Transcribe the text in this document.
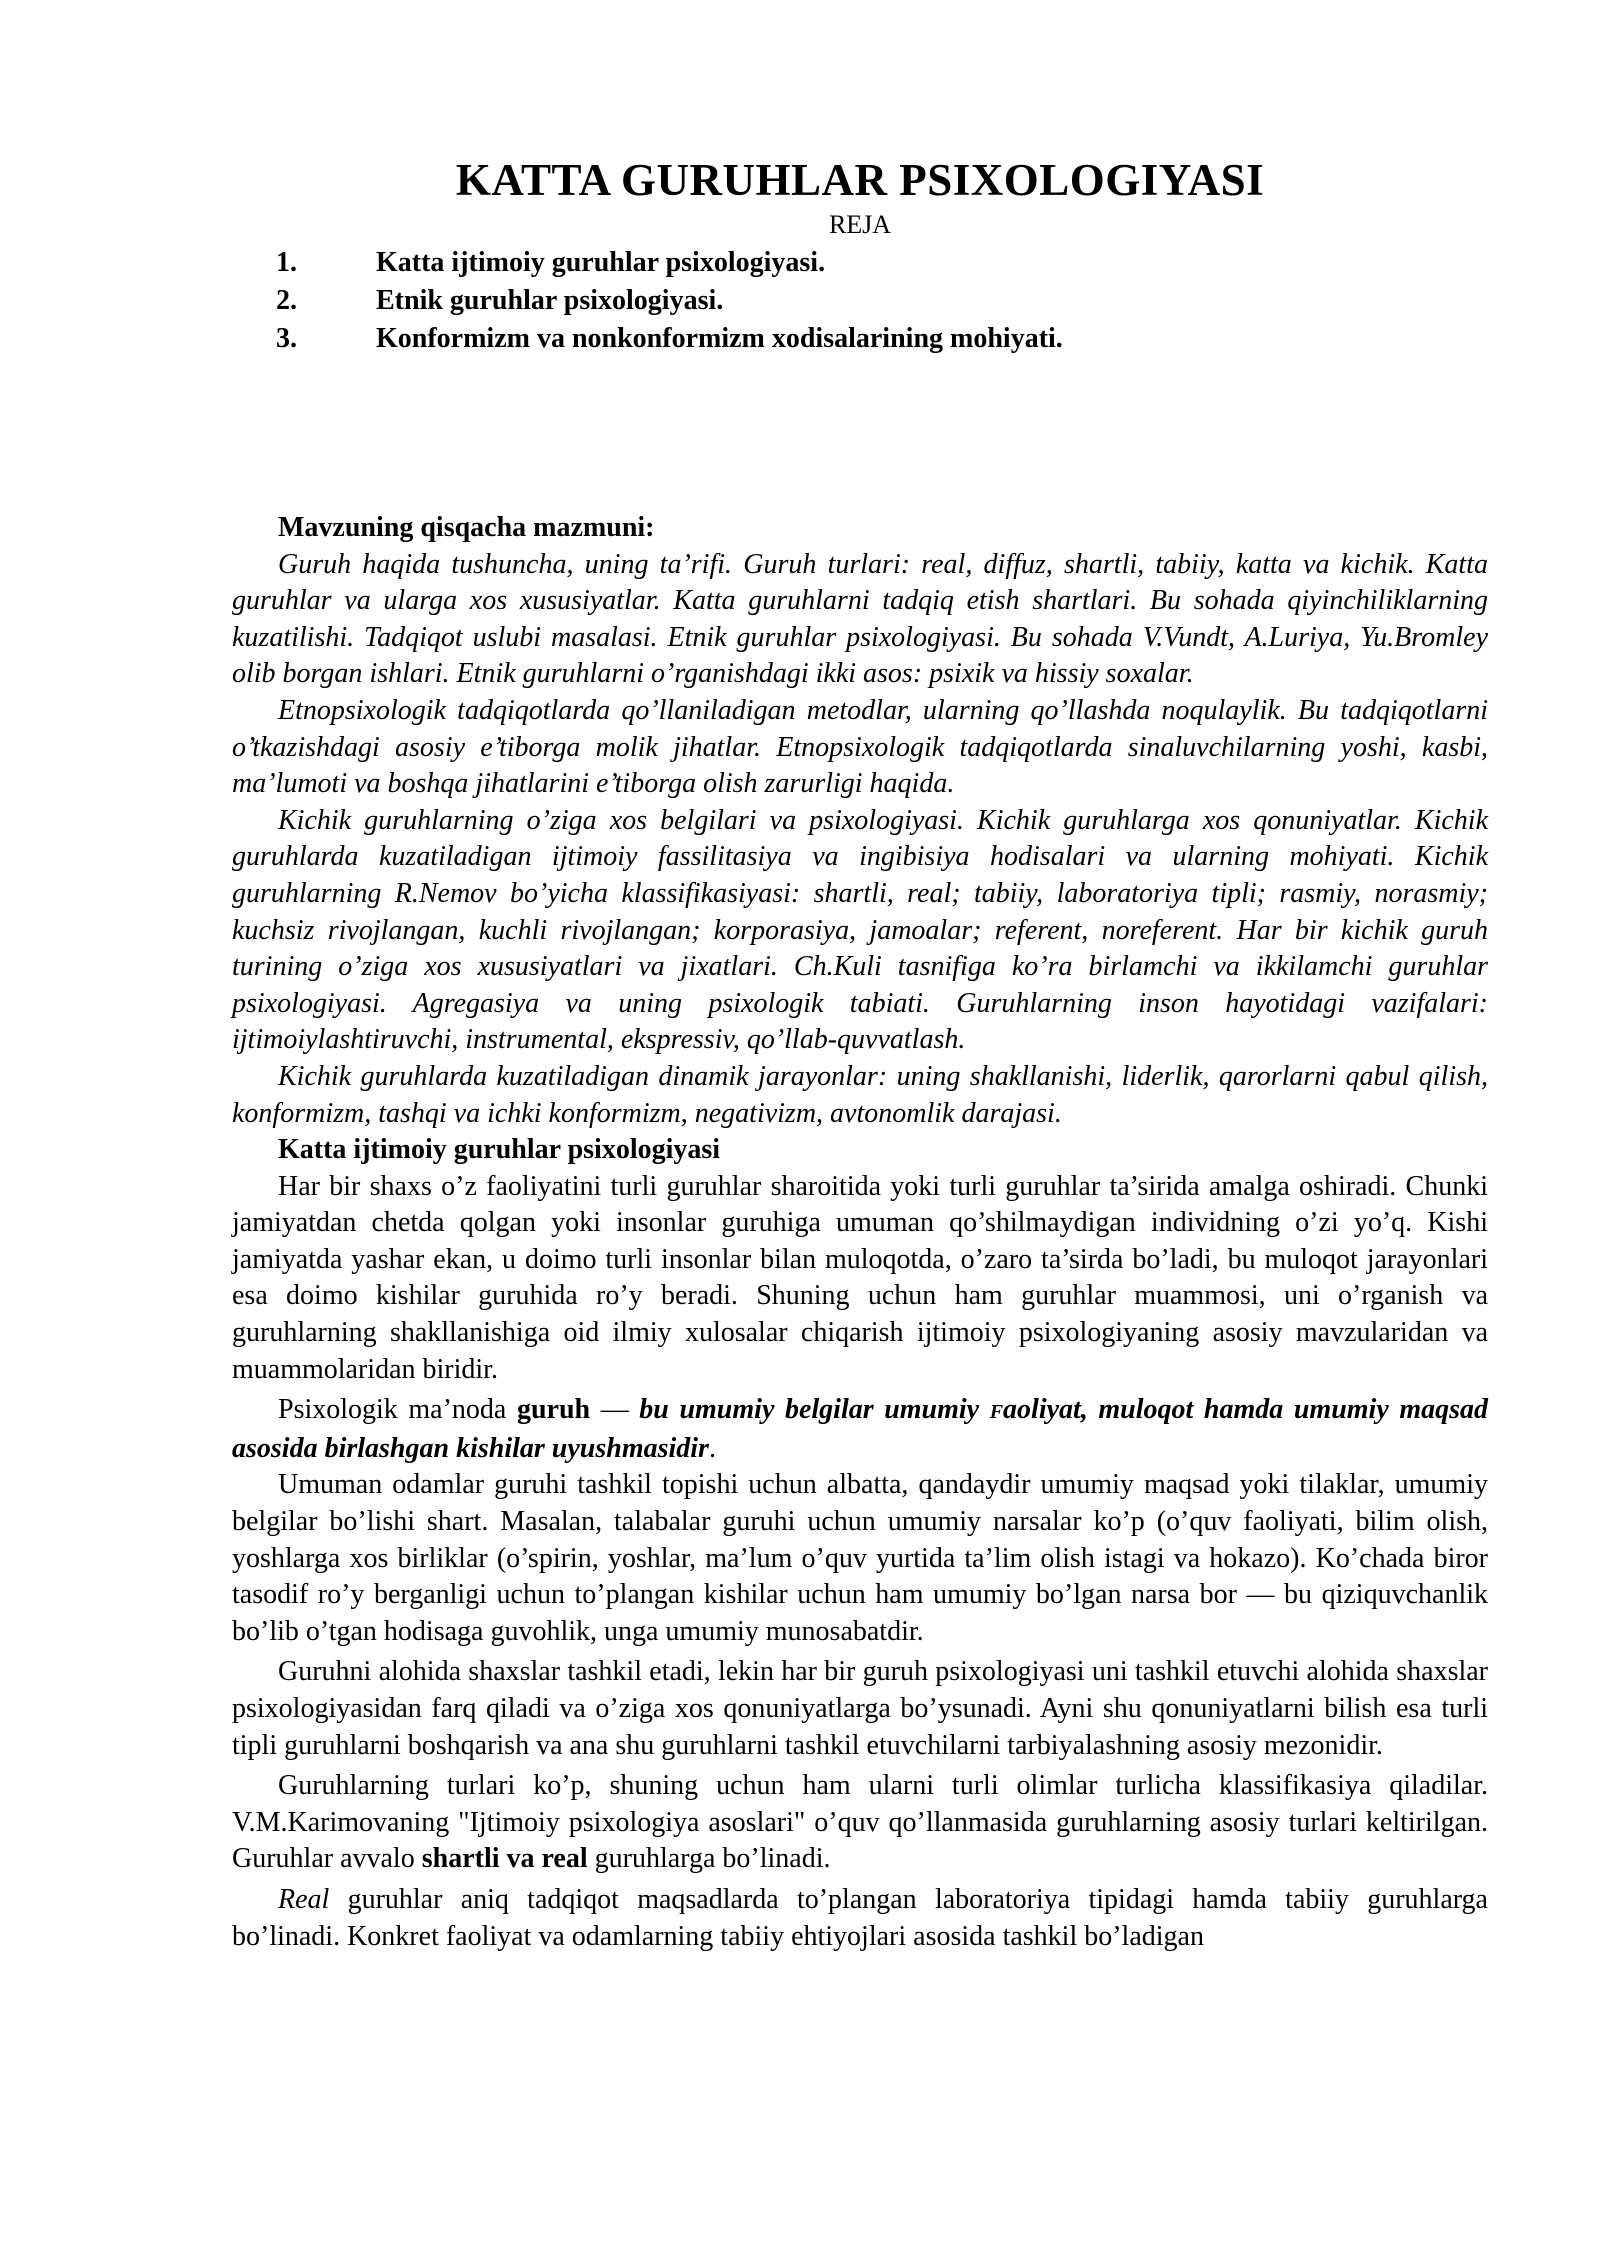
KATTA GURUHLAR PSIXOLOGIYASI
REJA
1.	Katta ijtimoiy guruhlar psixologiyasi.
2.	Etnik guruhlar psixologiyasi.
3.	Konformizm va nonkonformizm xodisalarining mohiyati.

Mavzuning qisqacha mazmuni:

Guruh haqida tushuncha, uning ta’rifi. Guruh turlari: real, diffuz, shartli, tabiiy, katta va kichik. Katta guruhlar va ularga xos xususiyatlar. Katta guruhlarni tadqiq etish shartlari. Bu sohada qiyinchiliklarning kuzatilishi. Tadqiqot uslubi masalasi. Etnik guruhlar psixologiyasi. Bu sohada V.Vundt, A.Luriya, Yu.Bromley olib borgan ishlari. Etnik guruhlarni o’rganishdagi ikki asos: psixik va hissiy soxalar.

Etnopsixologik tadqiqotlarda qo’llaniladigan metodlar, ularning qo’llashda noqulaylik. Bu tadqiqotlarni o’tkazishdagi asosiy e’tiborga molik jihatlar. Etnopsixologik tadqiqotlarda sinaluvchilarning yoshi, kasbi, ma’lumoti va boshqa jihatlarini e’tiborga olish zarurligi haqida.

Kichik guruhlarning o’ziga xos belgilari va psixologiyasi. Kichik guruhlarga xos qonuniyatlar. Kichik guruhlarda kuzatiladigan ijtimoiy fassilitasiya va ingibisiya hodisalari va ularning mohiyati. Kichik guruhlarning R.Nemov bo’yicha klassifikasiyasi: shartli, real; tabiiy, laboratoriya tipli; rasmiy, norasmiy; kuchsiz rivojlangan, kuchli rivojlangan; korporasiya, jamoalar; referent, noreferent. Har bir kichik guruh turining o’ziga xos xususiyatlari va jixatlari. Ch.Kuli tasnifiga ko’ra birlamchi va ikkilamchi guruhlar psixologiyasi. Agregasiya va uning psixologik tabiati. Guruhlarning inson hayotidagi vazifalari: ijtimoiylashtiruvchi, instrumental, ekspressiv, qo’llab-quvvatlash.

Kichik guruhlarda kuzatiladigan dinamik jarayonlar: uning shakllanishi, liderlik, qarorlarni qabul qilish, konformizm, tashqi va ichki konformizm, negativizm, avtonomlik darajasi.

Katta ijtimoiy guruhlar psixologiyasi

Har bir shaxs o’z faoliyatini turli guruhlar sharoitida yoki turli guruhlar ta’sirida amalga oshiradi. Chunki jamiyatdan chetda qolgan yoki insonlar guruhiga umuman qo’shilmaydigan individning o’zi yo’q. Kishi jamiyatda yashar ekan, u doimo turli insonlar bilan muloqotda, o’zaro ta’sirda bo’ladi, bu muloqot jarayonlari esa doimo kishilar guruhida ro’y beradi. Shuning uchun ham guruhlar muammosi, uni o’rganish va guruhlarning shakllanishiga oid ilmiy xulosalar chiqarish ijtimoiy psixologiyaning asosiy mavzularidan va muammolaridan biridir.

Psixologik ma’noda guruh — bu umumiy belgilar umumiy Faoliyat, muloqot hamda umumiy maqsad asosida birlashgan kishilar uyushmasidir.

Umuman odamlar guruhi tashkil topishi uchun albatta, qandaydir umumiy maqsad yoki tilaklar, umumiy belgilar bo’lishi shart. Masalan, talabalar guruhi uchun umumiy narsalar ko’p (o’quv faoliyati, bilim olish, yoshlarga xos birliklar (o’spirin, yoshlar, ma’lum o’quv yurtida ta’lim olish istagi va hokazo). Ko’chada biror tasodif ro’y berganligi uchun to’plangan kishilar uchun ham umumiy bo’lgan narsa bor — bu qiziquvchanlik bo’lib o’tgan hodisaga guvohlik, unga umumiy munosabatdir.

Guruhni alohida shaxslar tashkil etadi, lekin har bir guruh psixologiyasi uni tashkil etuvchi alohida shaxslar psixologiyasidan farq qiladi va o’ziga xos qonuniyatlarga bo’ysunadi. Ayni shu qonuniyatlarni bilish esa turli tipli guruhlarni boshqarish va ana shu guruhlarni tashkil etuvchilarni tarbiyalashning asosiy mezonidir.

Guruhlarning turlari ko’p, shuning uchun ham ularni turli olimlar turlicha klassifikasiya qiladilar. V.M.Karimovaning "Ijtimoiy psixologiya asoslari" o’quv qo’llanmasida guruhlarning asosiy turlari keltirilgan. Guruhlar avvalo shartli va real guruhlarga bo’linadi.

Real guruhlar aniq tadqiqot maqsadlarda to’plangan laboratoriya tipidagi hamda tabiiy guruhlarga bo’linadi. Konkret faoliyat va odamlarning tabiiy ehtiyojlari asosida tashkil bo’ladigan
